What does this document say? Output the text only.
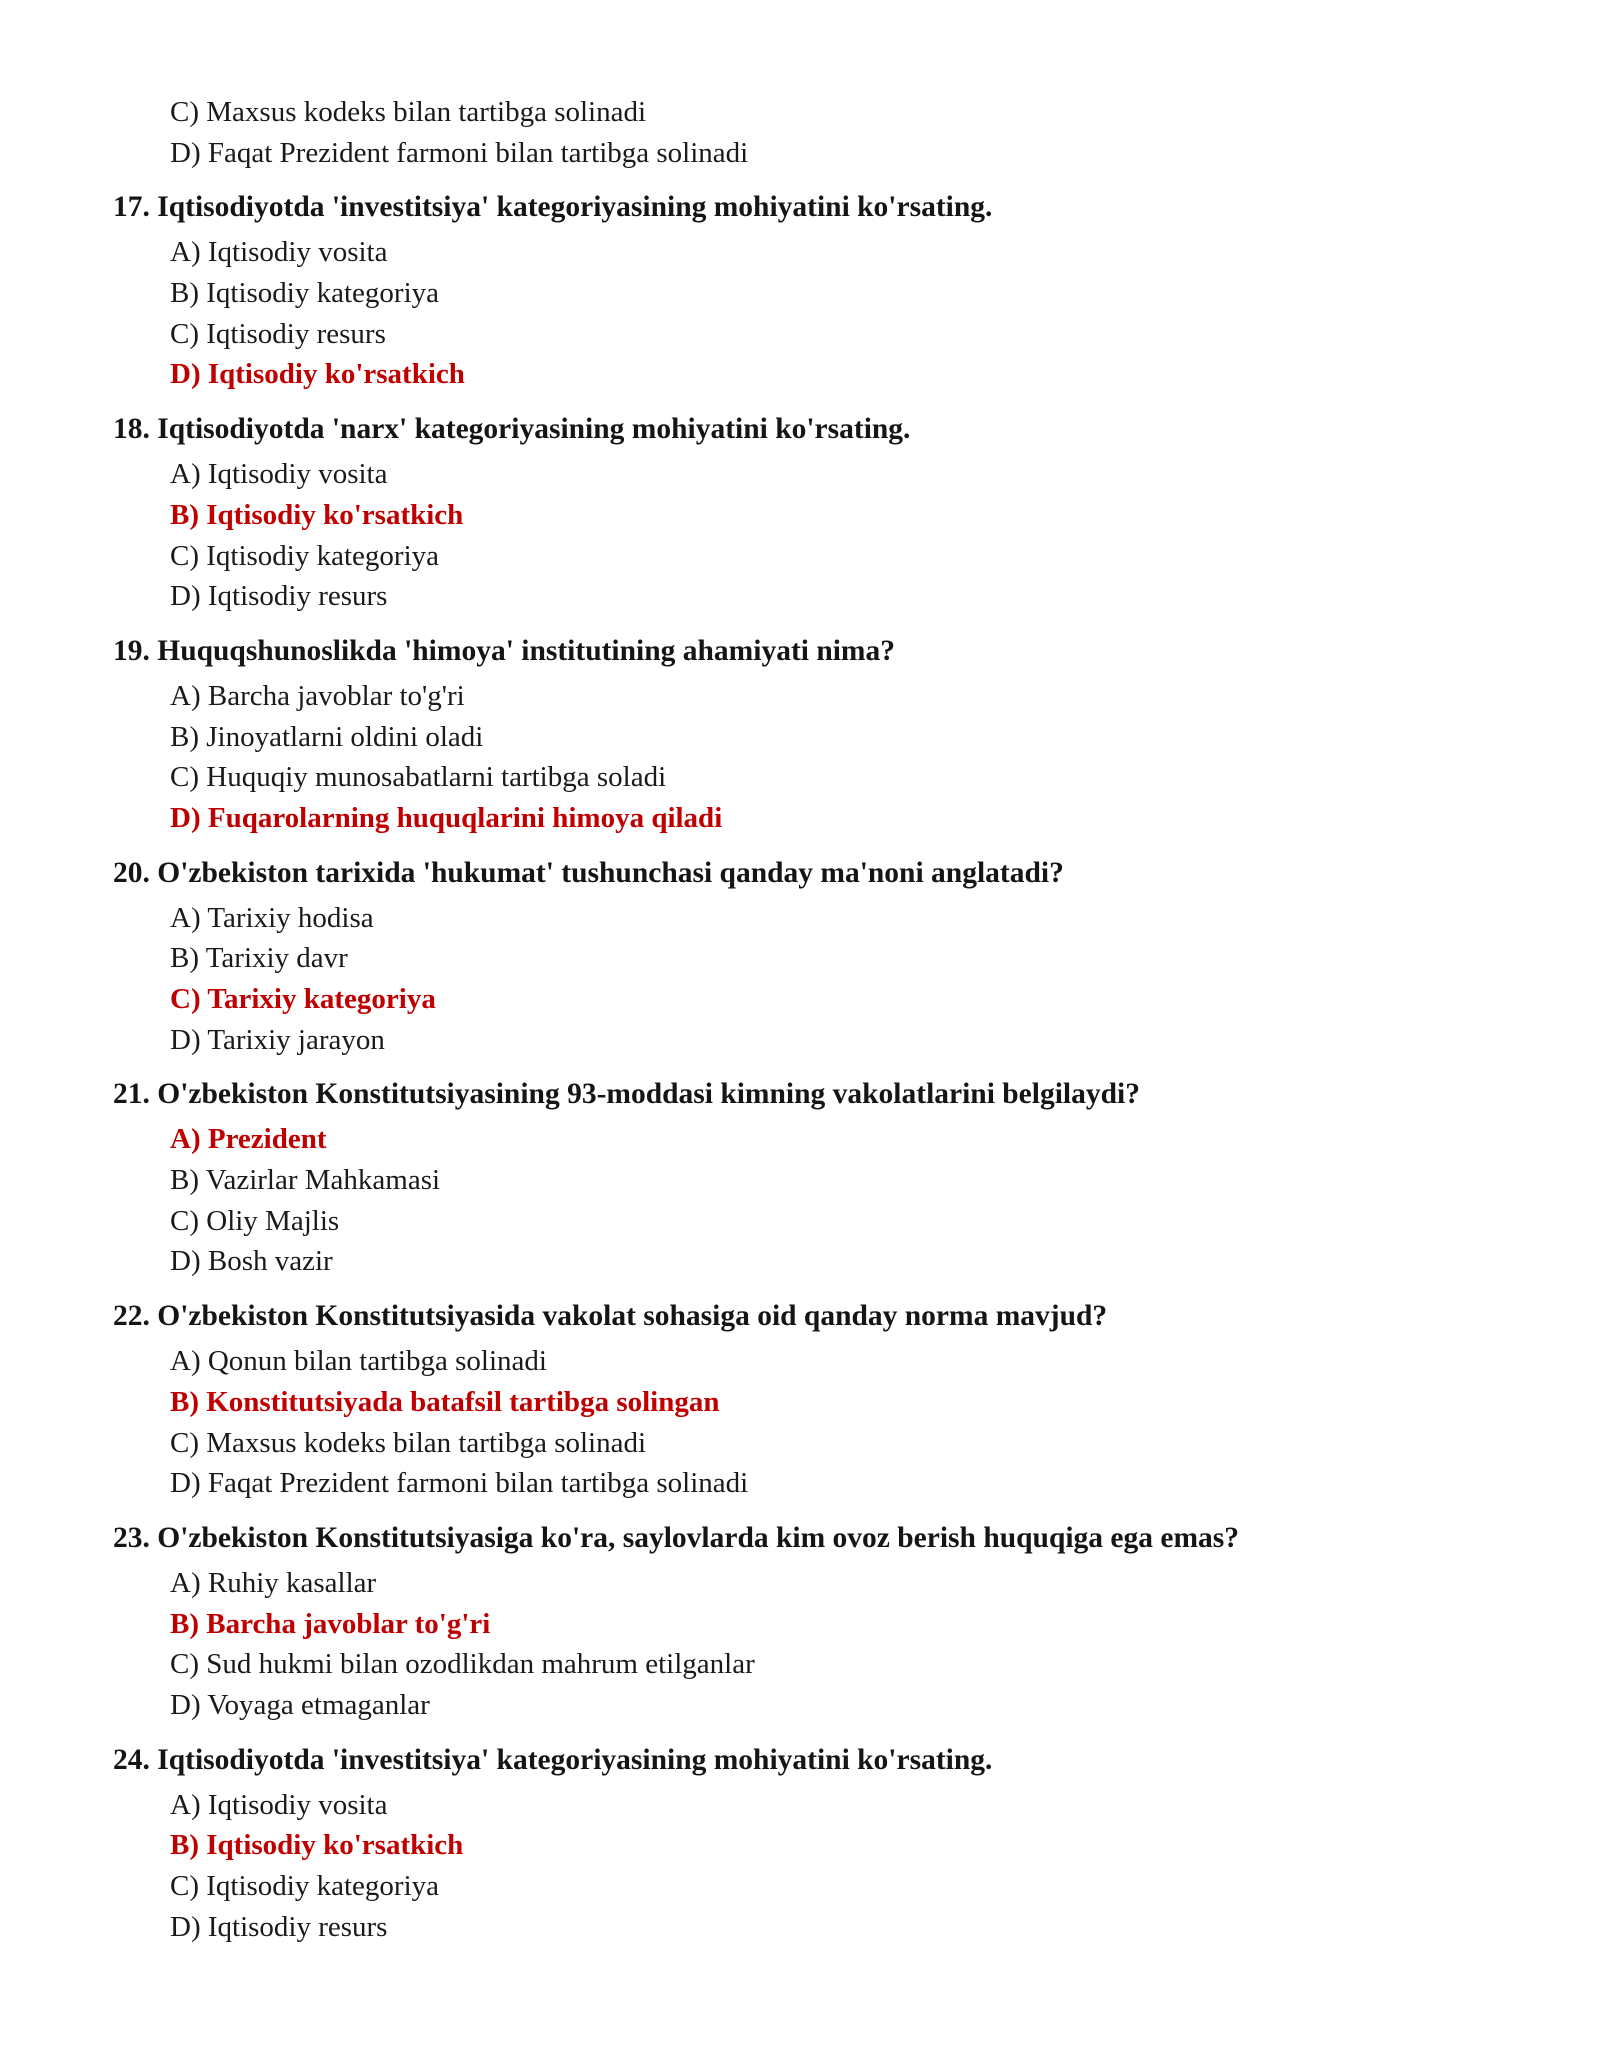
C) Maxsus kodeks bilan tartibga solinadi
D) Faqat Prezident farmoni bilan tartibga solinadi
17. Iqtisodiyotda 'investitsiya' kategoriyasining mohiyatini ko'rsating.
A) Iqtisodiy vosita
B) Iqtisodiy kategoriya
C) Iqtisodiy resurs
D) Iqtisodiy ko'rsatkich
18. Iqtisodiyotda 'narx' kategoriyasining mohiyatini ko'rsating.
A) Iqtisodiy vosita
B) Iqtisodiy ko'rsatkich
C) Iqtisodiy kategoriya
D) Iqtisodiy resurs
19. Huquqshunoslikda 'himoya' institutining ahamiyati nima?
A) Barcha javoblar to'g'ri
B) Jinoyatlarni oldini oladi
C) Huquqiy munosabatlarni tartibga soladi
D) Fuqarolarning huquqlarini himoya qiladi
20. O'zbekiston tarixida 'hukumat' tushunchasi qanday ma'noni anglatadi?
A) Tarixiy hodisa
B) Tarixiy davr
C) Tarixiy kategoriya
D) Tarixiy jarayon
21. O'zbekiston Konstitutsiyasining 93-moddasi kimning vakolatlarini belgilaydi?
A) Prezident
B) Vazirlar Mahkamasi
C) Oliy Majlis
D) Bosh vazir
22. O'zbekiston Konstitutsiyasida vakolat sohasiga oid qanday norma mavjud?
A) Qonun bilan tartibga solinadi
B) Konstitutsiyada batafsil tartibga solingan
C) Maxsus kodeks bilan tartibga solinadi
D) Faqat Prezident farmoni bilan tartibga solinadi
23. O'zbekiston Konstitutsiyasiga ko'ra, saylovlarda kim ovoz berish huquqiga ega emas?
A) Ruhiy kasallar
B) Barcha javoblar to'g'ri
C) Sud hukmi bilan ozodlikdan mahrum etilganlar
D) Voyaga etmaganlar
24. Iqtisodiyotda 'investitsiya' kategoriyasining mohiyatini ko'rsating.
A) Iqtisodiy vosita
B) Iqtisodiy ko'rsatkich
C) Iqtisodiy kategoriya
D) Iqtisodiy resurs
